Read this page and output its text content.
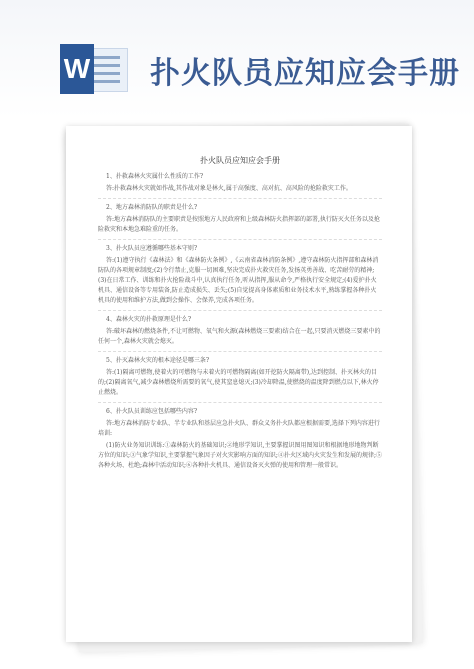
W 扑火队员应知应会手册
扑火队员应知应会手册
1、扑救森林火灾属什么性质的工作?
答:扑救森林火灾就如作战,其作战对象是林火,属于高强度、高对抗、高风险的抢险救灾工作。
2、地方森林消防队的职责是什么?
答:地方森林消防队的主要职责是按照地方人民政府和上级森林防火指挥部的部署,执行防灭火任务以及抢险救灾和本地急难险重的任务。
3、扑火队员应遵循哪些基本守则?
答:(1)遵守执行《森林法》和《森林防火条例》,《云南省森林消防条例》,遵守森林防火指挥部和森林消防队的各项规章制度;(2)令行禁止,克服一切困难,坚决完成扑火救灾任务,发扬英勇善战、吃苦耐劳的精神;(3)在日常工作、训练和扑火抢险战斗中,认真执行任务,听从指挥,服从命令,严格执行安全规定;(4)爱护扑火机具、通信设备等专用装备,防止造成损失、丢失;(5)自觉提高身体素质和业务技术水平,熟练掌握各种扑火机具的使用和维护方法,做到会操作、会保养,完成各项任务。
4、森林火灾的扑救原理是什么?
答:破坏森林的燃烧条件,不让可燃物、氧气和火源(森林燃烧三要素)结合在一起,只要消灭燃烧三要素中的任何一个,森林火灾就会熄灭。
5、扑灭森林火灾的根本途径是哪三条?
答:(1)隔离可燃物,使着火的可燃物与未着火的可燃物隔离(如开挖防火隔离带),达到控制、扑灭林火的目的;(2)隔离氧气,减少森林燃烧所需要的氧气,使其窒息熄灭;(3)冷却降温,使燃烧的温度降到燃点以下,林火停止燃烧。
6、扑火队员训练应包括哪些内容?
答:地方森林消防专业队、半专业队和基层应急扑火队、群众义务扑火队都应根据需要,选择下列内容进行培训:
(1)防火业务知识训练:①森林防火的基础知识;②地形学知识,主要掌握识图用图知识和根据地形地物判断方位的知识;③气象学知识,主要掌握气象因子对火灾影响方面的知识;④扑火区域内火灾发生和发展的规律;⑤各种火场、杜绝;森林中活动知识;⑥各种扑火机具、通信设备灭火弹的使用和管理一般常识。
